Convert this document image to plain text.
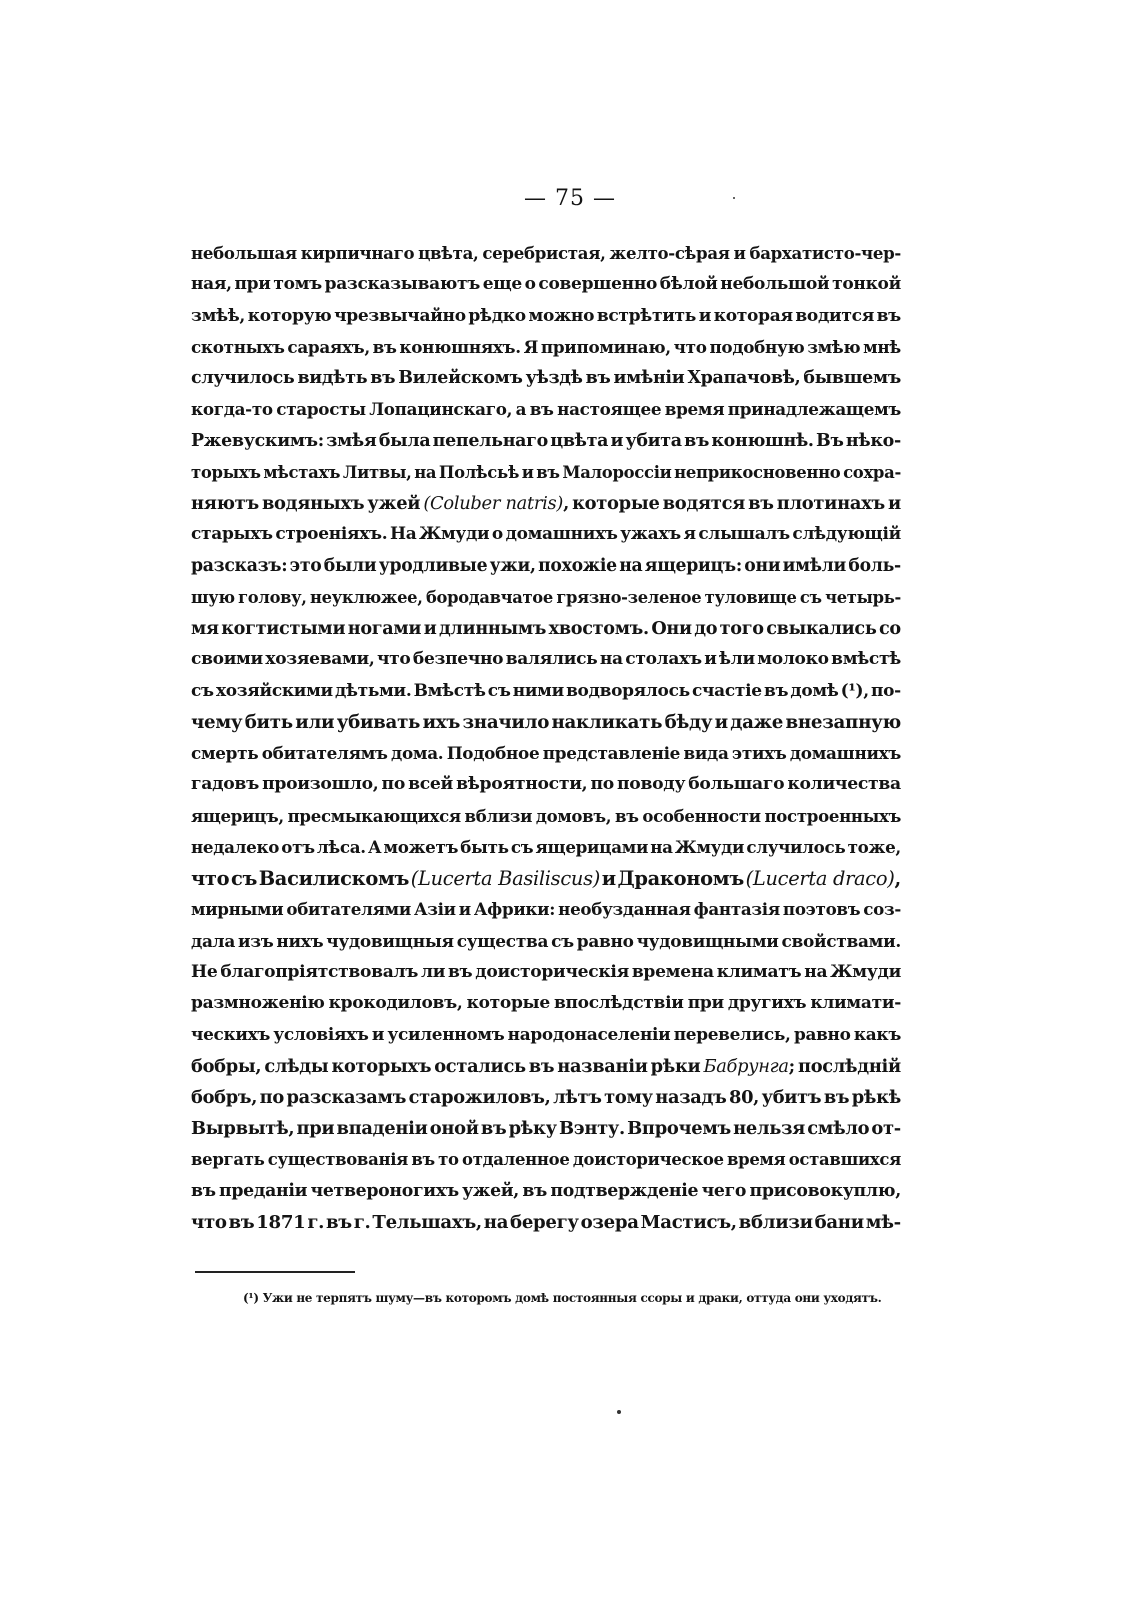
— 75 —
небольшая кирпичнаго цвѣта, серебристая, желто-сѣрая и бархатисто-чер-
ная, при томъ разсказываютъ еще о совершенно бѣлой небольшой тонкой
змѣѣ, которую чрезвычайно рѣдко можно встрѣтить и которая водится въ
скотныхъ сараяхъ, въ конюшняхъ. Я припоминаю, что подобную змѣю мнѣ
случилось видѣть въ Вилейскомъ уѣздѣ въ имѣніи Храпачовѣ, бывшемъ
когда-то старосты Лопацинскаго, а въ настоящее время принадлежащемъ
Ржевускимъ: змѣя была пепельнаго цвѣта и убита въ конюшнѣ. Въ нѣко-
торыхъ мѣстахъ Литвы, на Полѣсьѣ и въ Малороссіи неприкосновенно сохра-
няютъ водяныхъ ужей (Coluber natris), которые водятся въ плотинахъ и
старыхъ строеніяхъ. На Жмуди о домашнихъ ужахъ я слышалъ слѣдующій
разсказъ: это были уродливые ужи, похожіе на ящерицъ: они имѣли боль-
шую голову, неуклюжее, бородавчатое грязно-зеленое туловище съ четырь-
мя когтистыми ногами и длиннымъ хвостомъ. Они до того свыкались со
своими хозяевами, что безпечно валялись на столахъ и ѣли молоко вмѣстѣ
съ хозяйскими дѣтьми. Вмѣстѣ съ ними водворялось счастіе въ домѣ (¹), по-
чему бить или убивать ихъ значило накликать бѣду и даже внезапную
смерть обитателямъ дома. Подобное представленіе вида этихъ домашнихъ
гадовъ произошло, по всей вѣроятности, по поводу большаго количества
ящерицъ, пресмыкающихся вблизи домовъ, въ особенности построенныхъ
недалеко отъ лѣса. А можетъ быть съ ящерицами на Жмуди случилось тоже,
что съ Василискомъ (Lucerta Basiliscus) и Дракономъ (Lucerta draco),
мирными обитателями Азіи и Африки: необузданная фантазія поэтовъ соз-
дала изъ нихъ чудовищныя существа съ равно чудовищными свойствами.
Не благопріятствовалъ ли въ доисторическія времена климатъ на Жмуди
размноженію крокодиловъ, которые впослѣдствіи при другихъ климати-
ческихъ условіяхъ и усиленномъ народонаселеніи перевелись, равно какъ
бобры, слѣды которыхъ остались въ названіи рѣки Бабрунга; послѣдній
бобръ, по разсказамъ старожиловъ, лѣтъ тому назадъ 80, убитъ въ рѣкѣ
Вырвытѣ, при впаденіи оной въ рѣку Вэнту. Впрочемъ нельзя смѣло от-
вергать существованія въ то отдаленное доисторическое время оставшихся
въ преданіи четвероногихъ ужей, въ подтвержденіе чего присовокуплю,
что въ 1871 г. въ г. Тельшахъ, на берегу озера Мастисъ, вблизи бани мѣ-
(¹) Ужи не терпятъ шуму—въ которомъ домѣ постоянныя ссоры и драки, оттуда они уходятъ.
